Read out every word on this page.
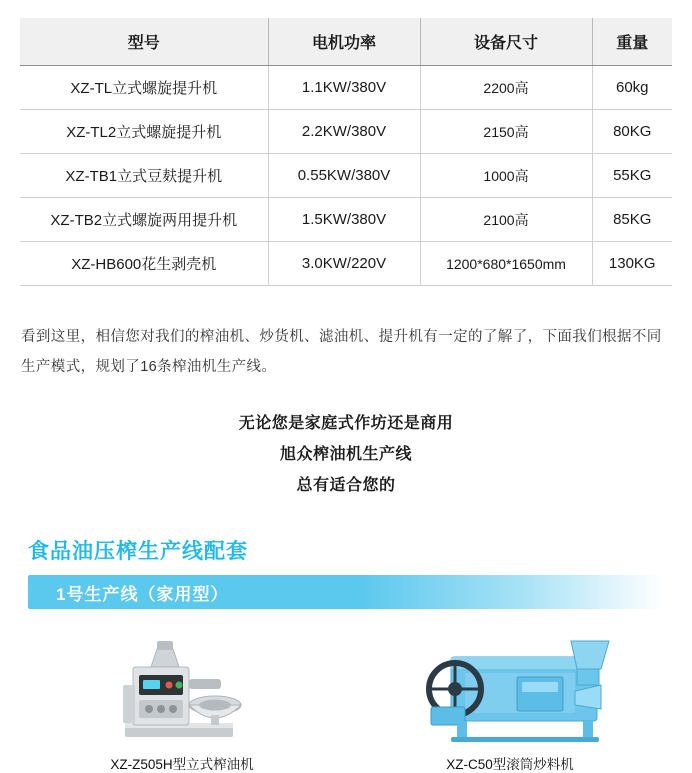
型号	电机功率	设备尺寸	重量
XZ-TL立式螺旋提升机	1.1KW/380V	2200高	60kg
XZ-TL2立式螺旋提升机	2.2KW/380V	2150高	80KG
XZ-TB1立式豆麸提升机	0.55KW/380V	1000高	55KG
XZ-TB2立式螺旋两用提升机	1.5KW/380V	2100高	85KG
XZ-HB600花生剥壳机	3.0KW/220V	1200*680*1650mm	130KG
看到这里，相信您对我们的榨油机、炒货机、滤油机、提升机有一定的了解了，下面我们根据不同生产模式，规划了16条榨油机生产线。
无论您是家庭式作坊还是商用
旭众榨油机生产线
总有适合您的
食品油压榨生产线配套
1号生产线（家用型）
XZ-Z505H型立式榨油机	XZ-C50型滚筒炒料机
